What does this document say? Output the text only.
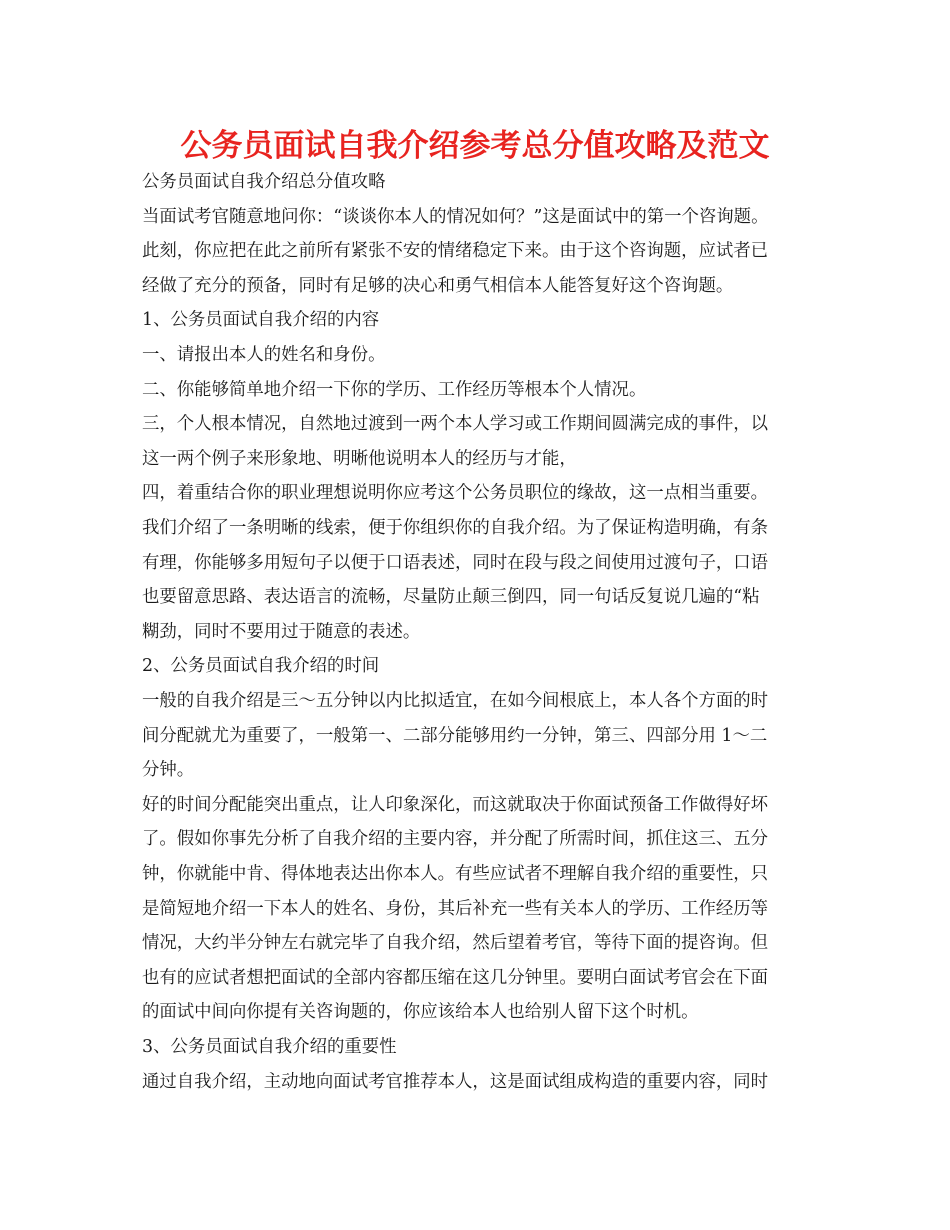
公务员面试自我介绍参考总分值攻略及范文
公务员面试自我介绍总分值攻略
当面试考官随意地问你：“谈谈你本人的情况如何？”这是面试中的第一个咨询题。
此刻，你应把在此之前所有紧张不安的情绪稳定下来。由于这个咨询题，应试者已
经做了充分的预备，同时有足够的决心和勇气相信本人能答复好这个咨询题。
1、公务员面试自我介绍的内容
一、请报出本人的姓名和身份。
二、你能够简单地介绍一下你的学历、工作经历等根本个人情况。
三，个人根本情况，自然地过渡到一两个本人学习或工作期间圆满完成的事件，以
这一两个例子来形象地、明晰他说明本人的经历与才能，
四，着重结合你的职业理想说明你应考这个公务员职位的缘故，这一点相当重要。
我们介绍了一条明晰的线索，便于你组织你的自我介绍。为了保证构造明确，有条
有理，你能够多用短句子以便于口语表述，同时在段与段之间使用过渡句子，口语
也要留意思路、表达语言的流畅，尽量防止颠三倒四，同一句话反复说几遍的“粘
糊劲，同时不要用过于随意的表述。
2、公务员面试自我介绍的时间
一般的自我介绍是三～五分钟以内比拟适宜，在如今间根底上，本人各个方面的时
间分配就尤为重要了，一般第一、二部分能够用约一分钟，第三、四部分用 1～二
分钟。
好的时间分配能突出重点，让人印象深化，而这就取决于你面试预备工作做得好坏
了。假如你事先分析了自我介绍的主要内容，并分配了所需时间，抓住这三、五分
钟，你就能中肯、得体地表达出你本人。有些应试者不理解自我介绍的重要性，只
是简短地介绍一下本人的姓名、身份，其后补充一些有关本人的学历、工作经历等
情况，大约半分钟左右就完毕了自我介绍，然后望着考官，等待下面的提咨询。但
也有的应试者想把面试的全部内容都压缩在这几分钟里。要明白面试考官会在下面
的面试中间向你提有关咨询题的，你应该给本人也给别人留下这个时机。
3、公务员面试自我介绍的重要性
通过自我介绍，主动地向面试考官推荐本人，这是面试组成构造的重要内容，同时
